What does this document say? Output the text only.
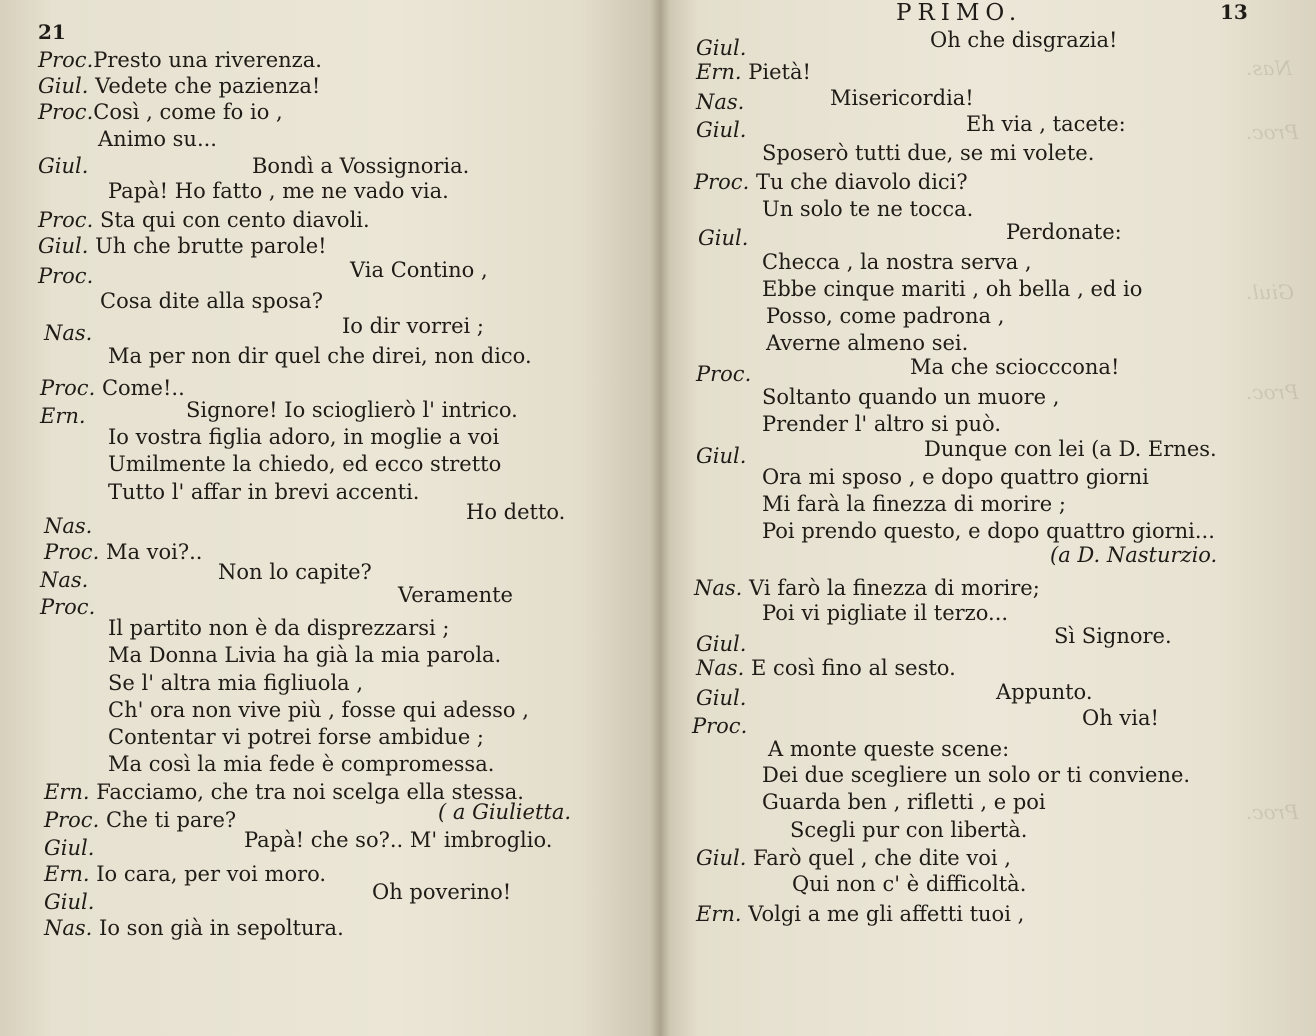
21
Proc.Presto una riverenza.
Giul. Vedete che pazienza!
Proc.Così , come fo io ,
Animo su...
Giul.	Bondì a Vossignoria.
Papà! Ho fatto , me ne vado via.
Proc. Sta qui con cento diavoli.
Giul. Uh che brutte parole!
Proc.	Via Contino ,
Cosa dite alla sposa?
Nas.	Io dir vorrei ;
Ma per non dir quel che direi, non dico.
Proc. Come!..
Ern.	Signore! Io scioglierò l' intrico.
Io vostra figlia adoro, in moglie a voi
Umilmente la chiedo, ed ecco stretto
Tutto l' affar in brevi accenti.
Ho detto.
Nas.
Proc. Ma voi?..
Nas.	Non lo capite?
Veramente
Proc.
Il partito non è da disprezzarsi ;
Ma Donna Livia ha già la mia parola.
Se l' altra mia figliuola ,
Ch' ora non vive più , fosse qui adesso ,
Contentar vi potrei forse ambidue ;
Ma così la mia fede è compromessa.
Ern. Facciamo, che tra noi scelga ella stessa.
Proc. Che ti pare?	( a Giulietta.
Giul.	Papà! che so?.. M' imbroglio.
Ern. Io cara, per voi moro.
Oh poverino!
Giul.
Nas. Io son già in sepoltura.
PRIMO.	13
Nas.
Proc.
Giul.
Proc.
Proc.
Giul.	Oh che disgrazia!
Ern. Pietà!
Nas.	Misericordia!
Giul.	Eh via , tacete:
Sposerò tutti due, se mi volete.
Proc. Tu che diavolo dici?
Un solo te ne tocca.
Giul.	Perdonate:
Checca , la nostra serva ,
Ebbe cinque mariti , oh bella , ed io
Posso, come padrona ,
Averne almeno sei.
Proc.	Ma che sciocccona!
Soltanto quando un muore ,
Prender l' altro si può.
Giul.	Dunque con lei (a D. Ernes.
Ora mi sposo , e dopo quattro giorni
Mi farà la finezza di morire ;
Poi prendo questo, e dopo quattro giorni...
(a D. Nasturzio.
Nas. Vi farò la finezza di morire;
Poi vi pigliate il terzo...
Giul.	Sì Signore.
Nas. E così fino al sesto.
Giul.	Appunto.
Oh via!
Proc.
A monte queste scene:
Dei due scegliere un solo or ti conviene.
Guarda ben , rifletti , e poi
Scegli pur con libertà.
Giul. Farò quel , che dite voi ,
Qui non c' è difficoltà.
Ern. Volgi a me gli affetti tuoi ,
